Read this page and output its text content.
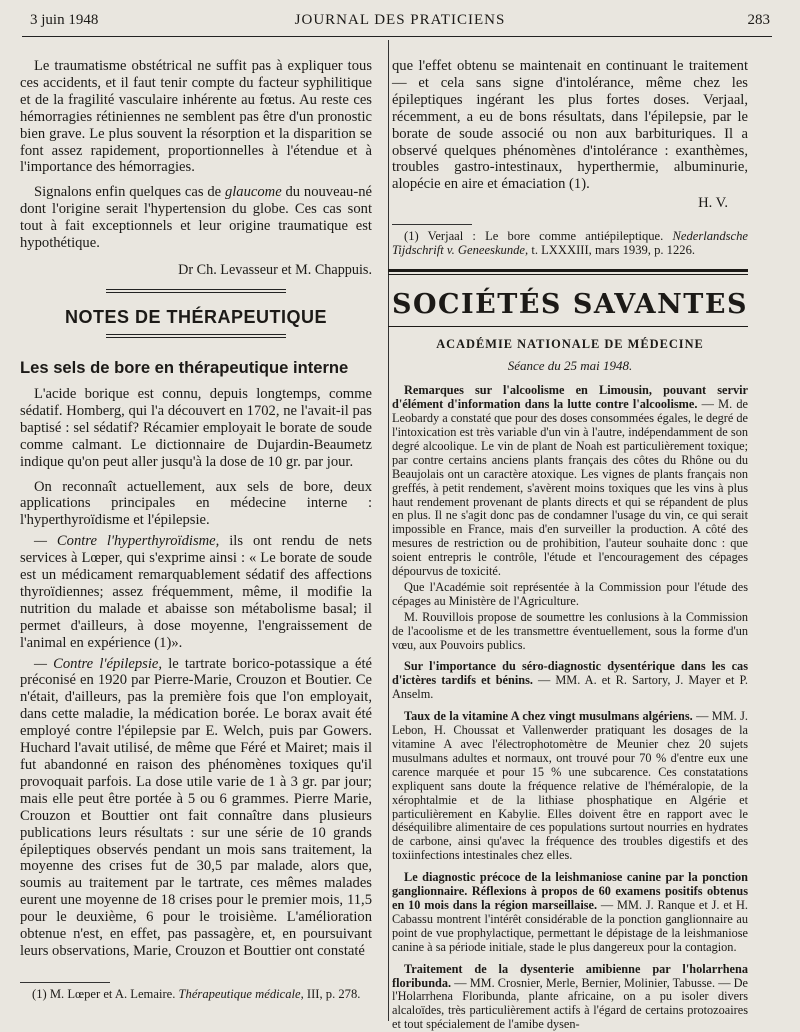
3 juin 1948	JOURNAL DES PRATICIENS	283

Le traumatisme obstétrical ne suffit pas à expliquer tous ces accidents, et il faut tenir compte du facteur syphilitique et de la fragilité vasculaire inhérente au fœtus. Au reste ces hémorragies rétiniennes ne semblent pas être d'un pronostic bien grave. Le plus souvent la résorption et la disparition se font assez rapidement, proportionnelles à l'étendue et à l'importance des hémorragies.

Signalons enfin quelques cas de glaucome du nouveau-né dont l'origine serait l'hypertension du globe. Ces cas sont tout à fait exceptionnels et leur origine traumatique est hypothétique.

Dr Ch. Levasseur et M. Chappuis.

NOTES DE THÉRAPEUTIQUE
Les sels de bore en thérapeutique interne

L'acide borique est connu, depuis longtemps, comme sédatif. Homberg, qui l'a découvert en 1702, ne l'avait-il pas baptisé : sel sédatif? Récamier employait le borate de soude comme calmant. Le dictionnaire de Dujardin-Beaumetz indique qu'on peut aller jusqu'à la dose de 10 gr. par jour.

On reconnaît actuellement, aux sels de bore, deux applications principales en médecine interne : l'hyperthyroïdisme et l'épilepsie.

— Contre l'hyperthyroïdisme, ils ont rendu de nets services à Lœper, qui s'exprime ainsi : « Le borate de soude est un médicament remarquablement sédatif des affections thyroïdiennes; assez fréquemment, même, il modifie la nutrition du malade et abaisse son métabolisme basal; il permet d'ailleurs, à dose moyenne, l'engraissement de l'animal en expérience (1)».

— Contre l'épilepsie, le tartrate borico-potassique a été préconisé en 1920 par Pierre-Marie, Crouzon et Boutier. Ce n'était, d'ailleurs, pas la première fois que l'on employait, dans cette maladie, la médication borée. Le borax avait été employé contre l'épilepsie par E. Welch, puis par Gowers. Huchard l'avait utilisé, de même que Féré et Mairet; mais il fut abandonné en raison des phénomènes toxiques qu'il provoquait parfois. La dose utile varie de 1 à 3 gr. par jour; mais elle peut être portée à 5 ou 6 grammes. Pierre Marie, Crouzon et Bouttier ont fait connaître dans plusieurs publications leurs résultats : sur une série de 10 grands épileptiques observés pendant un mois sans traitement, la moyenne des crises fut de 30,5 par malade, alors que, soumis au traitement par le tartrate, ces mêmes malades eurent une moyenne de 18 crises pour le premier mois, 11,5 pour le deuxième, 6 pour le troisième. L'amélioration obtenue n'est, en effet, pas passagère, et, en poursuivant leurs observations, Marie, Crouzon et Bouttier ont constaté

(1) M. Lœper et A. Lemaire. Thérapeutique médicale, III, p. 278.

que l'effet obtenu se maintenait en continuant le traitement — et cela sans signe d'intolérance, même chez les épileptiques ingérant les plus fortes doses. Verjaal, récemment, a eu de bons résultats, dans l'épilepsie, par le borate de soude associé ou non aux barbituriques. Il a observé quelques phénomènes d'intolérance : exanthèmes, troubles gastro-intestinaux, hyperthermie, albuminurie, alopécie en aire et émaciation (1).

H. V.

(1) Verjaal : Le bore comme antiépileptique. Nederlandsche Tijdschrift v. Geneeskunde, t. LXXXIII, mars 1939, p. 1226.

SOCIÉTÉS SAVANTES
ACADÉMIE NATIONALE DE MÉDECINE
Séance du 25 mai 1948.

Remarques sur l'alcoolisme en Limousin, pouvant servir d'élément d'information dans la lutte contre l'alcoolisme. — M. de Leobardy a constaté que pour des doses consommées égales, le degré de l'intoxication est très variable d'un vin à l'autre, indépendamment de son degré alcoolique. Le vin de plant de Noah est particulièrement toxique; par contre certains anciens plants français des côtes du Rhône ou du Beaujolais ont un caractère atoxique. Les vignes de plants français non greffés, à petit rendement, s'avèrent moins toxiques que les vins à plus haut rendement provenant de plants directs et qui se répandent de plus en plus. Il ne s'agit donc pas de condamner l'usage du vin, ce qui serait impossible en France, mais d'en surveiller la production. A côté des mesures de restriction ou de prohibition, l'auteur souhaite donc : que soient entrepris le contrôle, l'étude et l'encouragement des cépages dépourvus de toxicité.

Que l'Académie soit représentée à la Commission pour l'étude des cépages au Ministère de l'Agriculture.

M. Rouvillois propose de soumettre les conlusions à la Commission de l'acoolisme et de les transmettre éventuellement, sous la forme d'un vœu, aux Pouvoirs publics.

Sur l'importance du séro-diagnostic dysentérique dans les cas d'ictères tardifs et bénins. — MM. A. et R. Sartory, J. Mayer et P. Anselm.

Taux de la vitamine A chez vingt musulmans algériens. — MM. J. Lebon, H. Choussat et Vallenwerder pratiquant les dosages de la vitamine A avec l'électrophotomètre de Meunier chez 20 sujets musulmans adultes et normaux, ont trouvé pour 70 % d'entre eux une carence marquée et pour 15 % une subcarence. Ces constatations expliquent sans doute la fréquence relative de l'héméralopie, de la xérophtalmie et de la lithiase phosphatique en Algérie et particulièrement en Kabylie. Elles doivent être en rapport avec le déséquilibre alimentaire de ces populations surtout nourries en hydrates de carbone, ainsi qu'avec la fréquence des troubles digestifs et des toxiinfections intestinales chez elles.

Le diagnostic précoce de la leishmaniose canine par la ponction ganglionnaire. Réflexions à propos de 60 examens positifs obtenus en 10 mois dans la région marseillaise. — MM. J. Ranque et J. et H. Cabassu montrent l'intérêt considérable de la ponction ganglionnaire au point de vue prophylactique, permettant le dépistage de la leishmaniose canine à sa période initiale, stade le plus dangereux pour la contagion.

Traitement de la dysenterie amibienne par l'holarrhena floribunda. — MM. Crosnier, Merle, Bernier, Molinier, Tabusse. — De l'Holarrhena Floribunda, plante africaine, on a pu isoler divers alcaloïdes, très particulièrement actifs à l'égard de certains protozoaires et tout spécialement de l'amibe dysen-
